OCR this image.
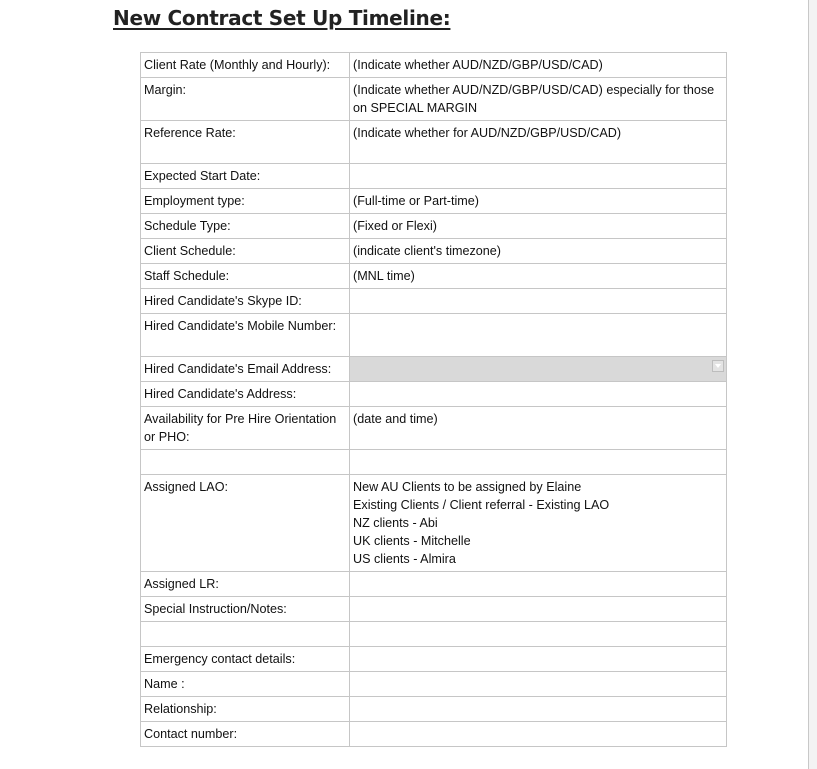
New Contract Set Up Timeline:
Client Rate (Monthly and Hourly):	(Indicate whether AUD/NZD/GBP/USD/CAD)
Margin:	(Indicate whether AUD/NZD/GBP/USD/CAD) especially for those on SPECIAL MARGIN
Reference Rate:	(Indicate whether for AUD/NZD/GBP/USD/CAD)
Expected Start Date:	
Employment type:	(Full-time or Part-time)
Schedule Type:	(Fixed or Flexi)
Client Schedule:	(indicate client's timezone)
Staff Schedule:	(MNL time)
Hired Candidate's Skype ID:	
Hired Candidate's Mobile Number:	
Hired Candidate's Email Address:	

Hired Candidate's Address:	
Availability for Pre Hire Orientation or PHO:	(date and time)

Assigned LAO:	New AU Clients to be assigned by Elaine
Existing Clients / Client referral - Existing LAO
NZ clients - Abi
UK clients - Mitchelle
US clients - Almira

Assigned LR:	
Special Instruction/Notes:	

Emergency contact details:	
Name :	
Relationship:	
Contact number:	
